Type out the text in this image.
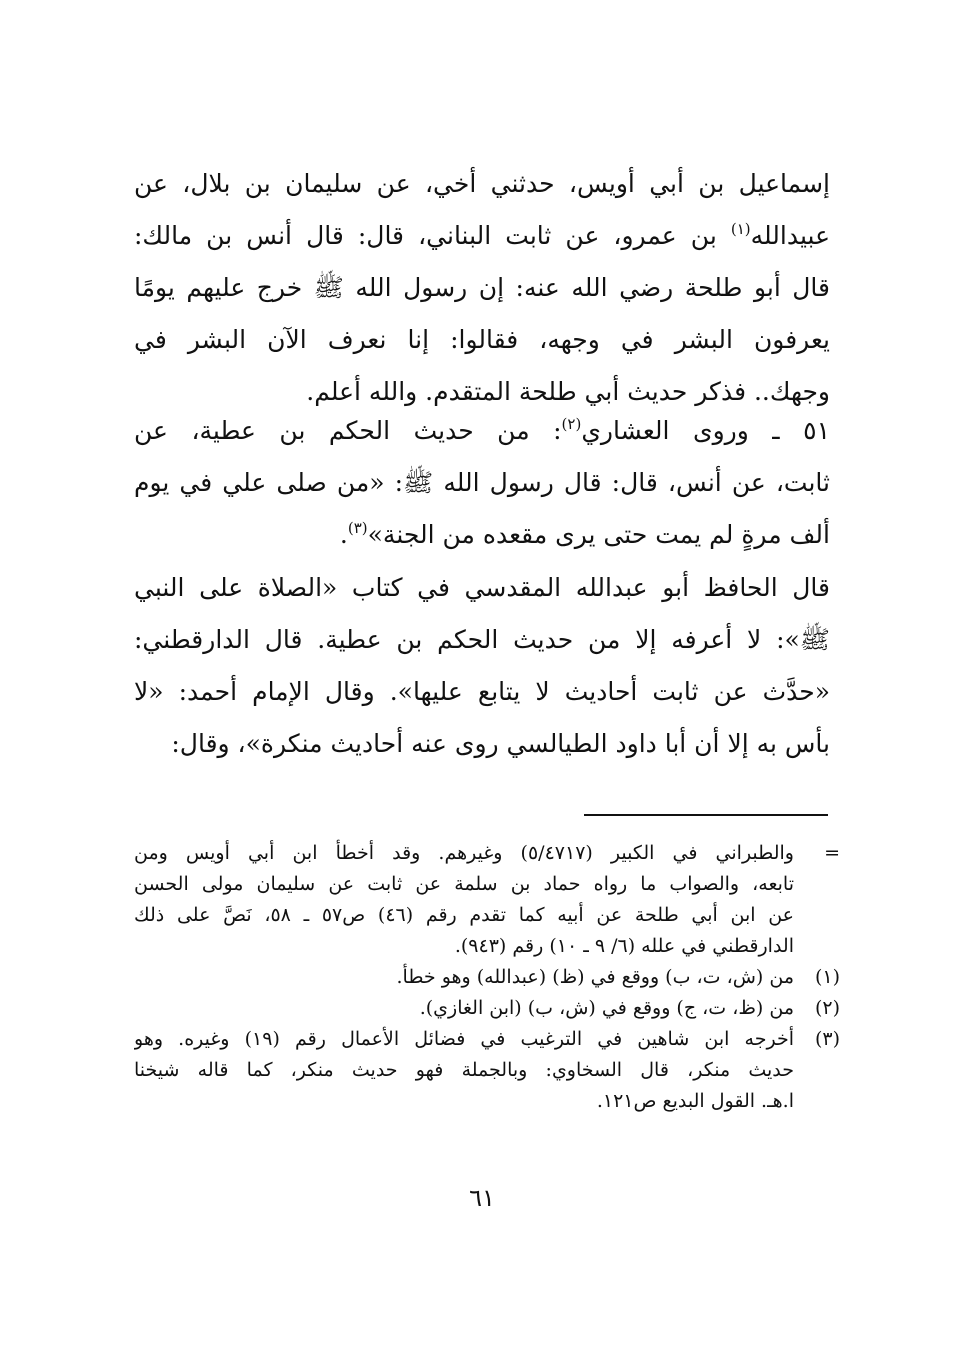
إسماعيل بن أبي أويس، حدثني أخي، عن سليمان بن بلال، عن
عبيدالله$^{(١)}$ بن عمرو، عن ثابت البناني، قال: قال أنس بن مالك:
قال أبو طلحة رضي الله عنه: إن رسول الله ﷺ خرج عليهم يومًا
يعرفون البشر في وجهه، فقالوا: إنا نعرف الآن البشر في
وجهك.. فذكر حديث أبي طلحة المتقدم. والله أعلم.
٥١ ـ وروى العشاري$^{(٢)}$: من حديث الحكم بن عطية، عن
ثابت، عن أنس، قال: قال رسول الله ﷺ: «من صلى علي في يوم
ألف مرةٍ لم يمت حتى يرى مقعده من الجنة»$^{(٣)}$.
قال الحافظ أبو عبدالله المقدسي في كتاب «الصلاة على النبي
ﷺ»: لا أعرفه إلا من حديث الحكم بن عطية. قال الدارقطني:
«حدَّث عن ثابت أحاديث لا يتابع عليها». وقال الإمام أحمد: «لا
بأس به إلا أن أبا داود الطيالسي روى عنه أحاديث منكرة»، وقال:
=
والطبراني في الكبير (٥/٤٧١٧) وغيرهم. وقد أخطأ ابن أبي أويس ومن
تابعه، والصواب ما رواه حماد بن سلمة عن ثابت عن سليمان مولى الحسن
عن ابن أبي طلحة عن أبيه كما تقدم رقم (٤٦) ص٥٧ ـ ٥٨، نَصَّ على ذلك
الدارقطني في علله (٦/ ٩ ـ ١٠) رقم (٩٤٣).
(١)
من (ش، ت، ب) ووقع في (ظ) (عبدالله) وهو خطأ.
(٢)
من (ظ، ت، ج) ووقع في (ش، ب) (ابن الغازي).
(٣)
أخرجه ابن شاهين في الترغيب في فضائل الأعمال رقم (١٩) وغيره. وهو
حديث منكر، قال السخاوي: وبالجملة فهو حديث منكر، كما قاله شيخنا
ا.هـ. القول البديع ص١٢١.
٦١
